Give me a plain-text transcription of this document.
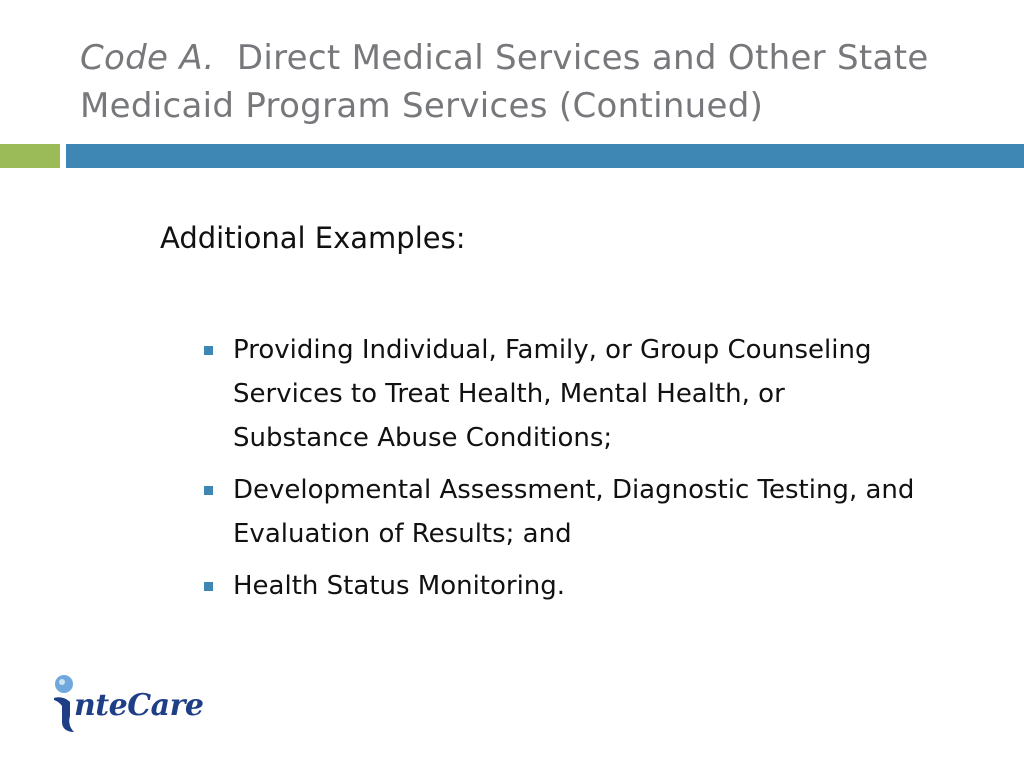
Code A. Direct Medical Services and Other State Medicaid Program Services (Continued)
Additional Examples:
Providing Individual, Family, or Group Counseling Services to Treat Health, Mental Health, or Substance Abuse Conditions;
Developmental Assessment, Diagnostic Testing, and Evaluation of Results; and
Health Status Monitoring.
nteCare
